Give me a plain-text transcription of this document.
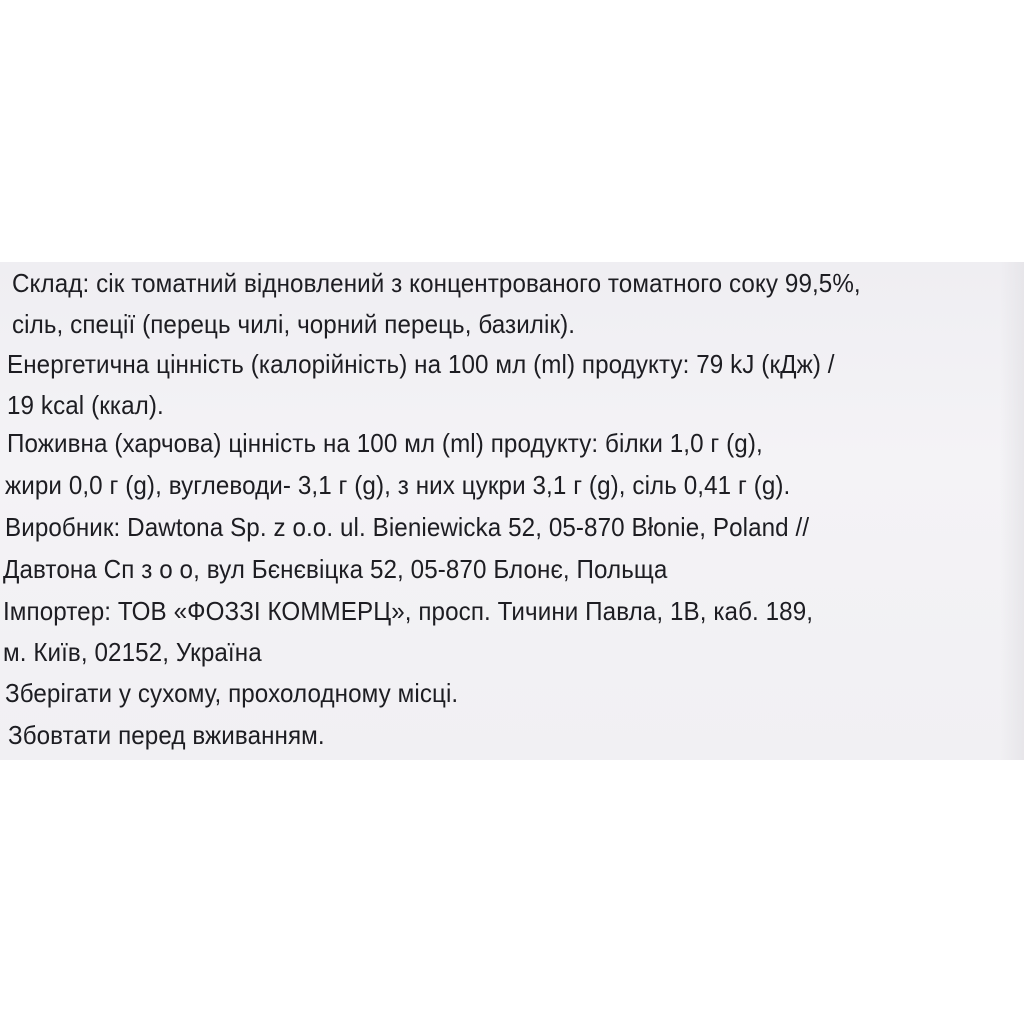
Склад: сік томатний відновлений з концентрованого томатного соку 99,5%,
сіль, спеції (перець чилі, чорний перець, базилік).
Енергетична цінність (калорійність) на 100 мл (ml) продукту: 79 kJ (кДж) /
19 kcal (ккал).
Поживна (харчова) цінність на 100 мл (ml) продукту: білки 1,0 г (g),
жири 0,0 г (g), вуглеводи- 3,1 г (g), з них цукри 3,1 г (g), сіль 0,41 г (g).
Виробник: Dawtona Sp. z o.o. ul. Bieniewicka 52, 05-870 Błonie, Poland //
Давтона Сп з о о, вул Бєнєвіцка 52, 05-870 Блонє, Польща
Імпортер: ТОВ «ФОЗЗІ КОММЕРЦ», просп. Тичини Павла, 1В, каб. 189,
м. Київ, 02152, Україна
Зберігати у сухому, прохолодному місці.
Збовтати перед вживанням.
